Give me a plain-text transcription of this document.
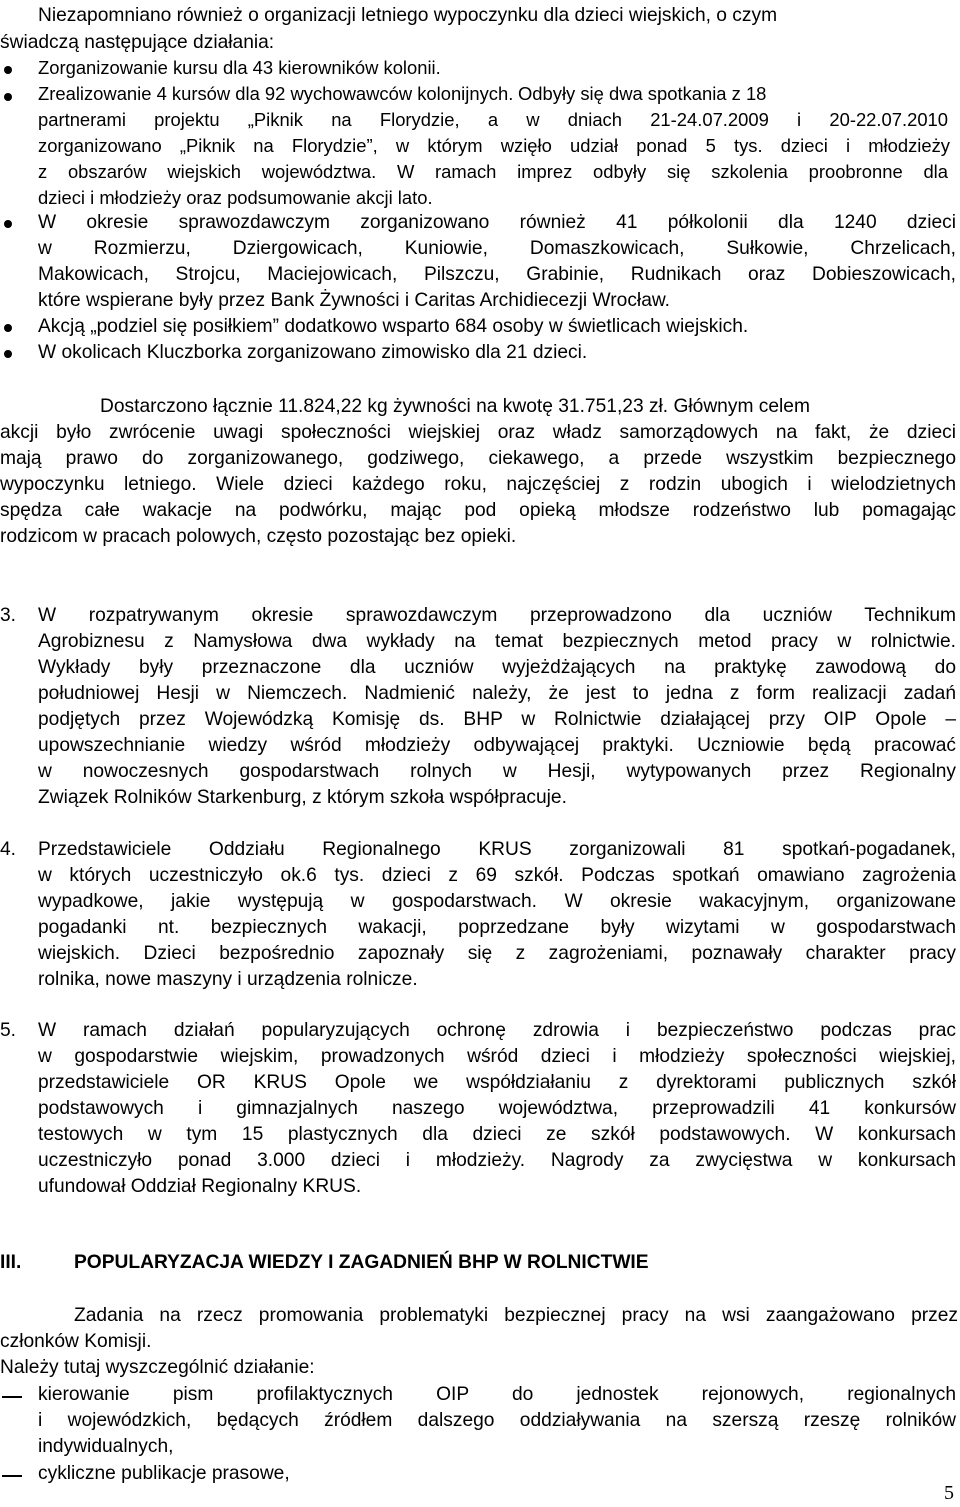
Niezapomniano również o organizacji letniego wypoczynku dla dzieci wiejskich, o czym
świadczą następujące działania:
Zorganizowanie kursu dla 43 kierowników kolonii.
Zrealizowanie 4 kursów dla 92 wychowawców kolonijnych. Odbyły się dwa spotkania z 18
partnerami projektu „Piknik na Florydzie, a w dniach 21-24.07.2009 i 20-22.07.2010
zorganizowano „Piknik na Florydzie”, w którym wzięło udział ponad 5 tys. dzieci i młodzieży
z obszarów wiejskich województwa. W ramach imprez odbyły się szkolenia proobronne dla
dzieci i młodzieży oraz podsumowanie akcji lato.
W okresie sprawozdawczym zorganizowano również 41 półkolonii dla 1240 dzieci
w Rozmierzu, Dziergowicach, Kuniowie, Domaszkowicach, Sułkowie, Chrzelicach,
Makowicach, Strojcu, Maciejowicach, Pilszczu, Grabinie, Rudnikach oraz Dobieszowicach,
które wspierane były przez Bank Żywności i Caritas Archidiecezji Wrocław.
Akcją „podziel się posiłkiem” dodatkowo wsparto 684 osoby w świetlicach wiejskich.
W okolicach Kluczborka zorganizowano zimowisko dla 21 dzieci.
Dostarczono łącznie 11.824,22 kg żywności na kwotę 31.751,23 zł. Głównym celem
akcji było zwrócenie uwagi społeczności wiejskiej oraz władz samorządowych na fakt, że dzieci
mają prawo do zorganizowanego, godziwego, ciekawego, a przede wszystkim bezpiecznego
wypoczynku letniego. Wiele dzieci każdego roku, najczęściej z rodzin ubogich i wielodzietnych
spędza całe wakacje na podwórku, mając pod opieką młodsze rodzeństwo lub pomagając
rodzicom w pracach polowych, często pozostając bez opieki.
3. W rozpatrywanym okresie sprawozdawczym przeprowadzono dla uczniów Technikum
Agrobiznesu z Namysłowa dwa wykłady na temat bezpiecznych metod pracy w rolnictwie.
Wykłady były przeznaczone dla uczniów wyjeżdżających na praktykę zawodową do
południowej Hesji w Niemczech. Nadmienić należy, że jest to jedna z form realizacji zadań
podjętych przez Wojewódzką Komisję ds. BHP w Rolnictwie działającej przy OIP Opole –
upowszechnianie wiedzy wśród młodzieży odbywającej praktyki. Uczniowie będą pracować
w nowoczesnych gospodarstwach rolnych w Hesji, wytypowanych przez Regionalny
Związek Rolników Starkenburg, z którym szkoła współpracuje.
4. Przedstawiciele Oddziału Regionalnego KRUS zorganizowali 81 spotkań-pogadanek,
w których uczestniczyło ok.6 tys. dzieci z 69 szkół. Podczas spotkań omawiano zagrożenia
wypadkowe, jakie występują w gospodarstwach. W okresie wakacyjnym, organizowane
pogadanki nt. bezpiecznych wakacji, poprzedzane były wizytami w gospodarstwach
wiejskich. Dzieci bezpośrednio zapoznały się z zagrożeniami, poznawały charakter pracy
rolnika, nowe maszyny i urządzenia rolnicze.
5. W ramach działań popularyzujących ochronę zdrowia i bezpieczeństwo podczas prac
w gospodarstwie wiejskim, prowadzonych wśród dzieci i młodzieży społeczności wiejskiej,
przedstawiciele OR KRUS Opole we współdziałaniu z dyrektorami publicznych szkół
podstawowych i gimnazjalnych naszego województwa, przeprowadzili 41 konkursów
testowych w tym 15 plastycznych dla dzieci ze szkół podstawowych. W konkursach
uczestniczyło ponad 3.000 dzieci i młodzieży. Nagrody za zwycięstwa w konkursach
ufundował Oddział Regionalny KRUS.
III.	POPULARYZACJA WIEDZY I ZAGADNIEŃ BHP W ROLNICTWIE
Zadania na rzecz promowania problematyki bezpiecznej pracy na wsi zaangażowano przez
członków Komisji.
Należy tutaj wyszczególnić działanie:
kierowanie pism profilaktycznych OIP do jednostek rejonowych, regionalnych
i wojewódzkich, będących źródłem dalszego oddziaływania na szerszą rzeszę rolników
indywidualnych,
cykliczne publikacje prasowe,
5
